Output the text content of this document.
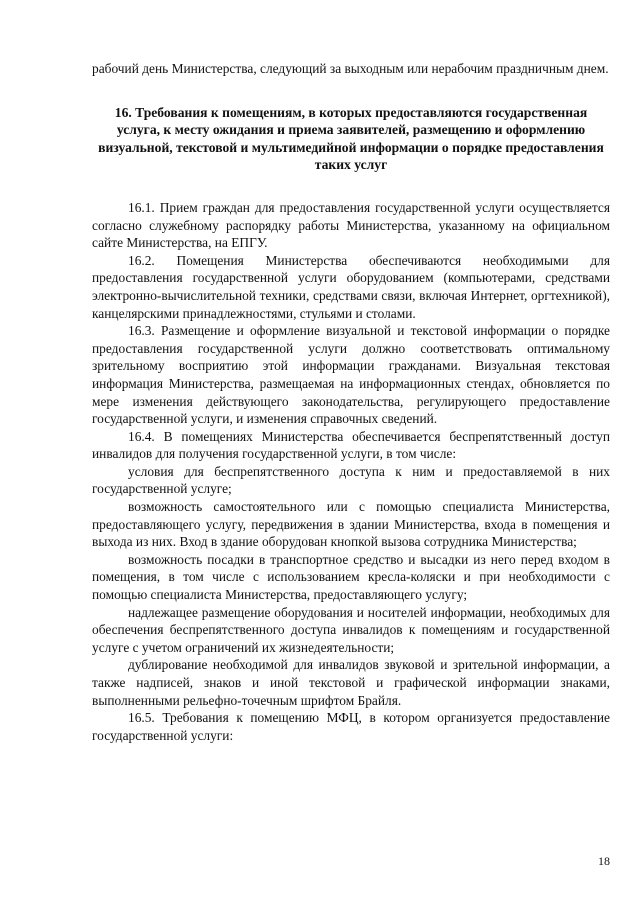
рабочий день Министерства, следующий за выходным или нерабочим праздничным днем.

16. Требования к помещениям, в которых предоставляются государственная услуга, к месту ожидания и приема заявителей, размещению и оформлению визуальной, текстовой и мультимедийной информации о порядке предоставления таких услуг

16.1. Прием граждан для предоставления государственной услуги осуществляется согласно служебному распорядку работы Министерства, указанному на официальном сайте Министерства, на ЕПГУ.

16.2. Помещения Министерства обеспечиваются необходимыми для предоставления государственной услуги оборудованием (компьютерами, средствами электронно-вычислительной техники, средствами связи, включая Интернет, оргтехникой), канцелярскими принадлежностями, стульями и столами.

16.3. Размещение и оформление визуальной и текстовой информации о порядке предоставления государственной услуги должно соответствовать оптимальному зрительному восприятию этой информации гражданами. Визуальная текстовая информация Министерства, размещаемая на информационных стендах, обновляется по мере изменения действующего законодательства, регулирующего предоставление государственной услуги, и изменения справочных сведений.

16.4. В помещениях Министерства обеспечивается беспрепятственный доступ инвалидов для получения государственной услуги, в том числе:

условия для беспрепятственного доступа к ним и предоставляемой в них государственной услуге;

возможность самостоятельного или с помощью специалиста Министерства, предоставляющего услугу, передвижения в здании Министерства, входа в помещения и выхода из них. Вход в здание оборудован кнопкой вызова сотрудника Министерства;

возможность посадки в транспортное средство и высадки из него перед входом в помещения, в том числе с использованием кресла-коляски и при необходимости с помощью специалиста Министерства, предоставляющего услугу;

надлежащее размещение оборудования и носителей информации, необходимых для обеспечения беспрепятственного доступа инвалидов к помещениям и государственной услуге с учетом ограничений их жизнедеятельности;

дублирование необходимой для инвалидов звуковой и зрительной информации, а также надписей, знаков и иной текстовой и графической информации знаками, выполненными рельефно-точечным шрифтом Брайля.

16.5. Требования к помещению МФЦ, в котором организуется предоставление государственной услуги:

18
